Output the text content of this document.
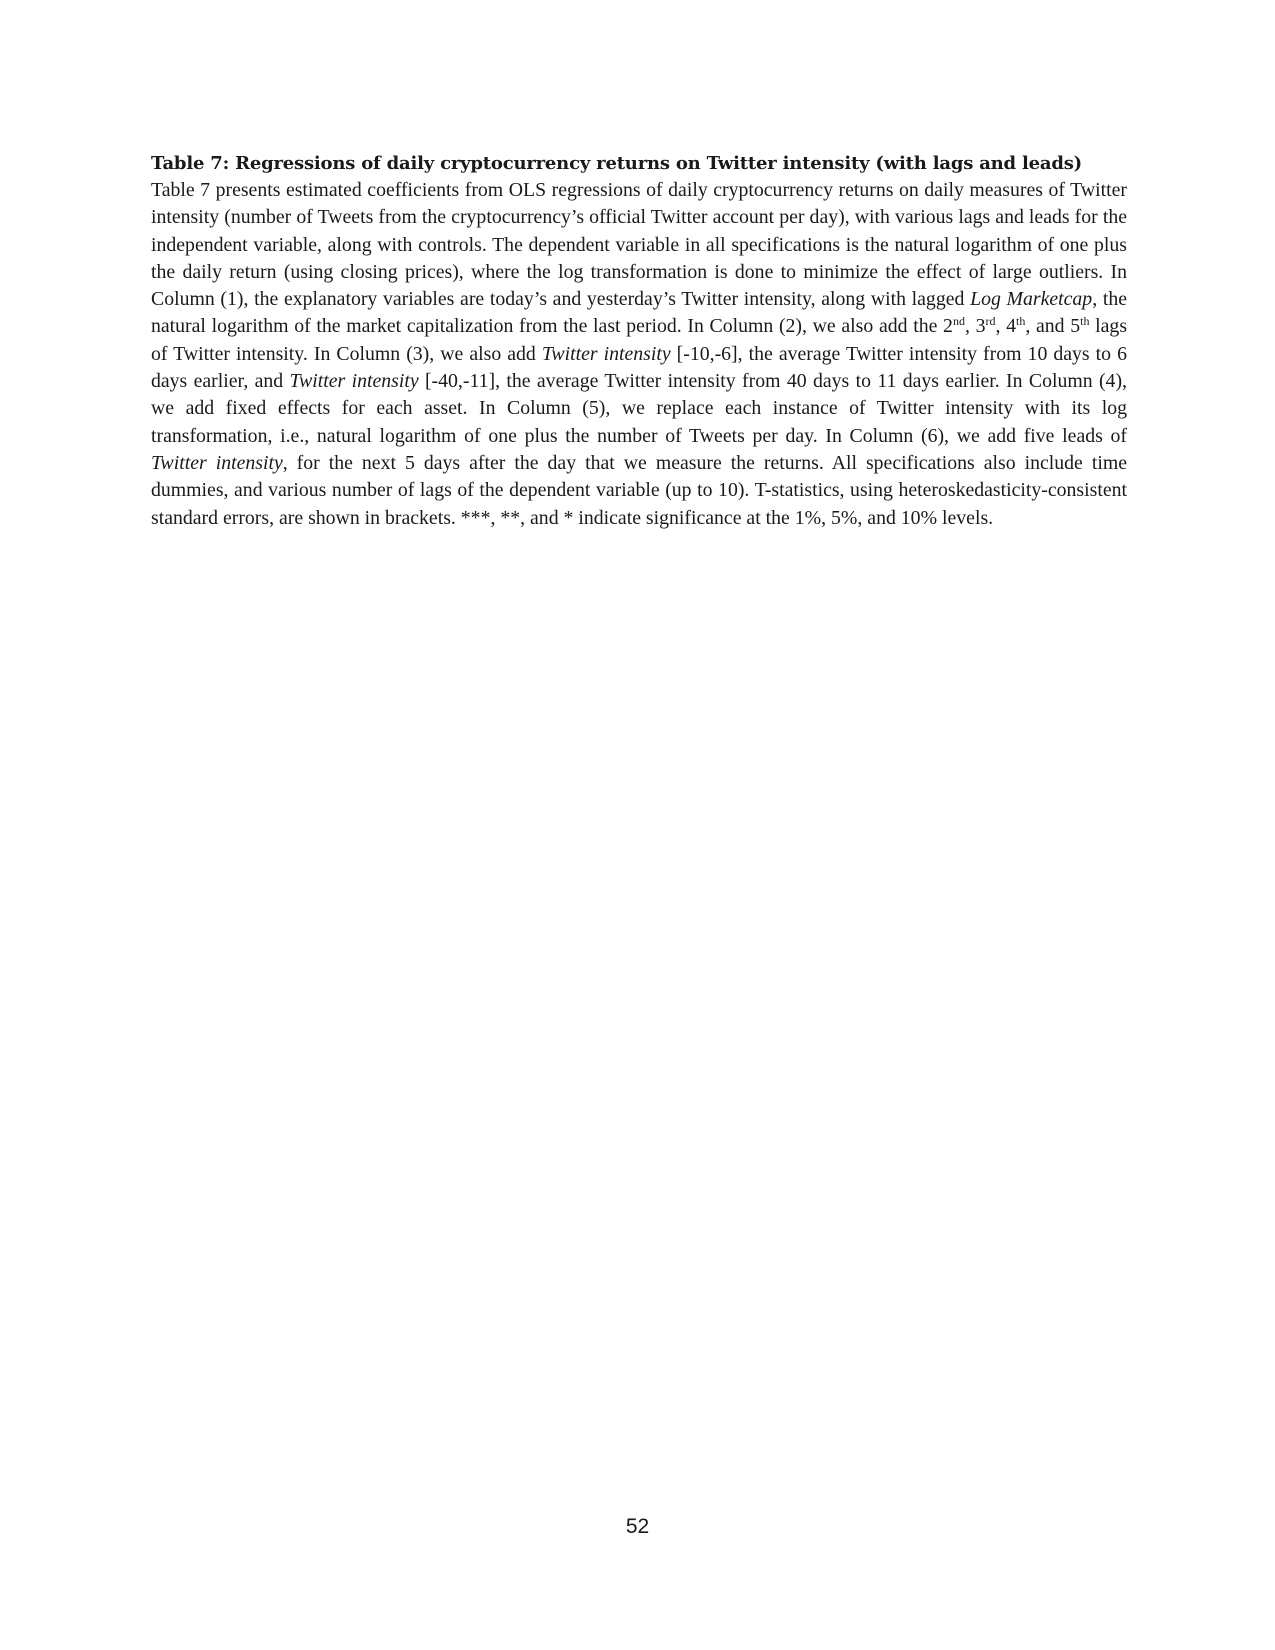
Table 7: Regressions of daily cryptocurrency returns on Twitter intensity (with lags and leads)

Table 7 presents estimated coefficients from OLS regressions of daily cryptocurrency returns on daily measures of Twitter intensity (number of Tweets from the cryptocurrency’s official Twitter account per day), with various lags and leads for the independent variable, along with controls. The dependent variable in all specifications is the natural logarithm of one plus the daily return (using closing prices), where the log transformation is done to minimize the effect of large outliers. In Column (1), the explanatory variables are today’s and yesterday’s Twitter intensity, along with lagged Log Marketcap, the natural logarithm of the market capitalization from the last period. In Column (2), we also add the 2nd, 3rd, 4th, and 5th lags of Twitter intensity. In Column (3), we also add Twitter intensity [-10,-6], the average Twitter intensity from 10 days to 6 days earlier, and Twitter intensity [-40,-11], the average Twitter intensity from 40 days to 11 days earlier. In Column (4), we add fixed effects for each asset. In Column (5), we replace each instance of Twitter intensity with its log transformation, i.e., natural logarithm of one plus the number of Tweets per day. In Column (6), we add five leads of Twitter intensity, for the next 5 days after the day that we measure the returns. All specifications also include time dummies, and various number of lags of the dependent variable (up to 10). T-statistics, using heteroskedasticity-consistent standard errors, are shown in brackets. ***, **, and * indicate significance at the 1%, 5%, and 10% levels.

52
